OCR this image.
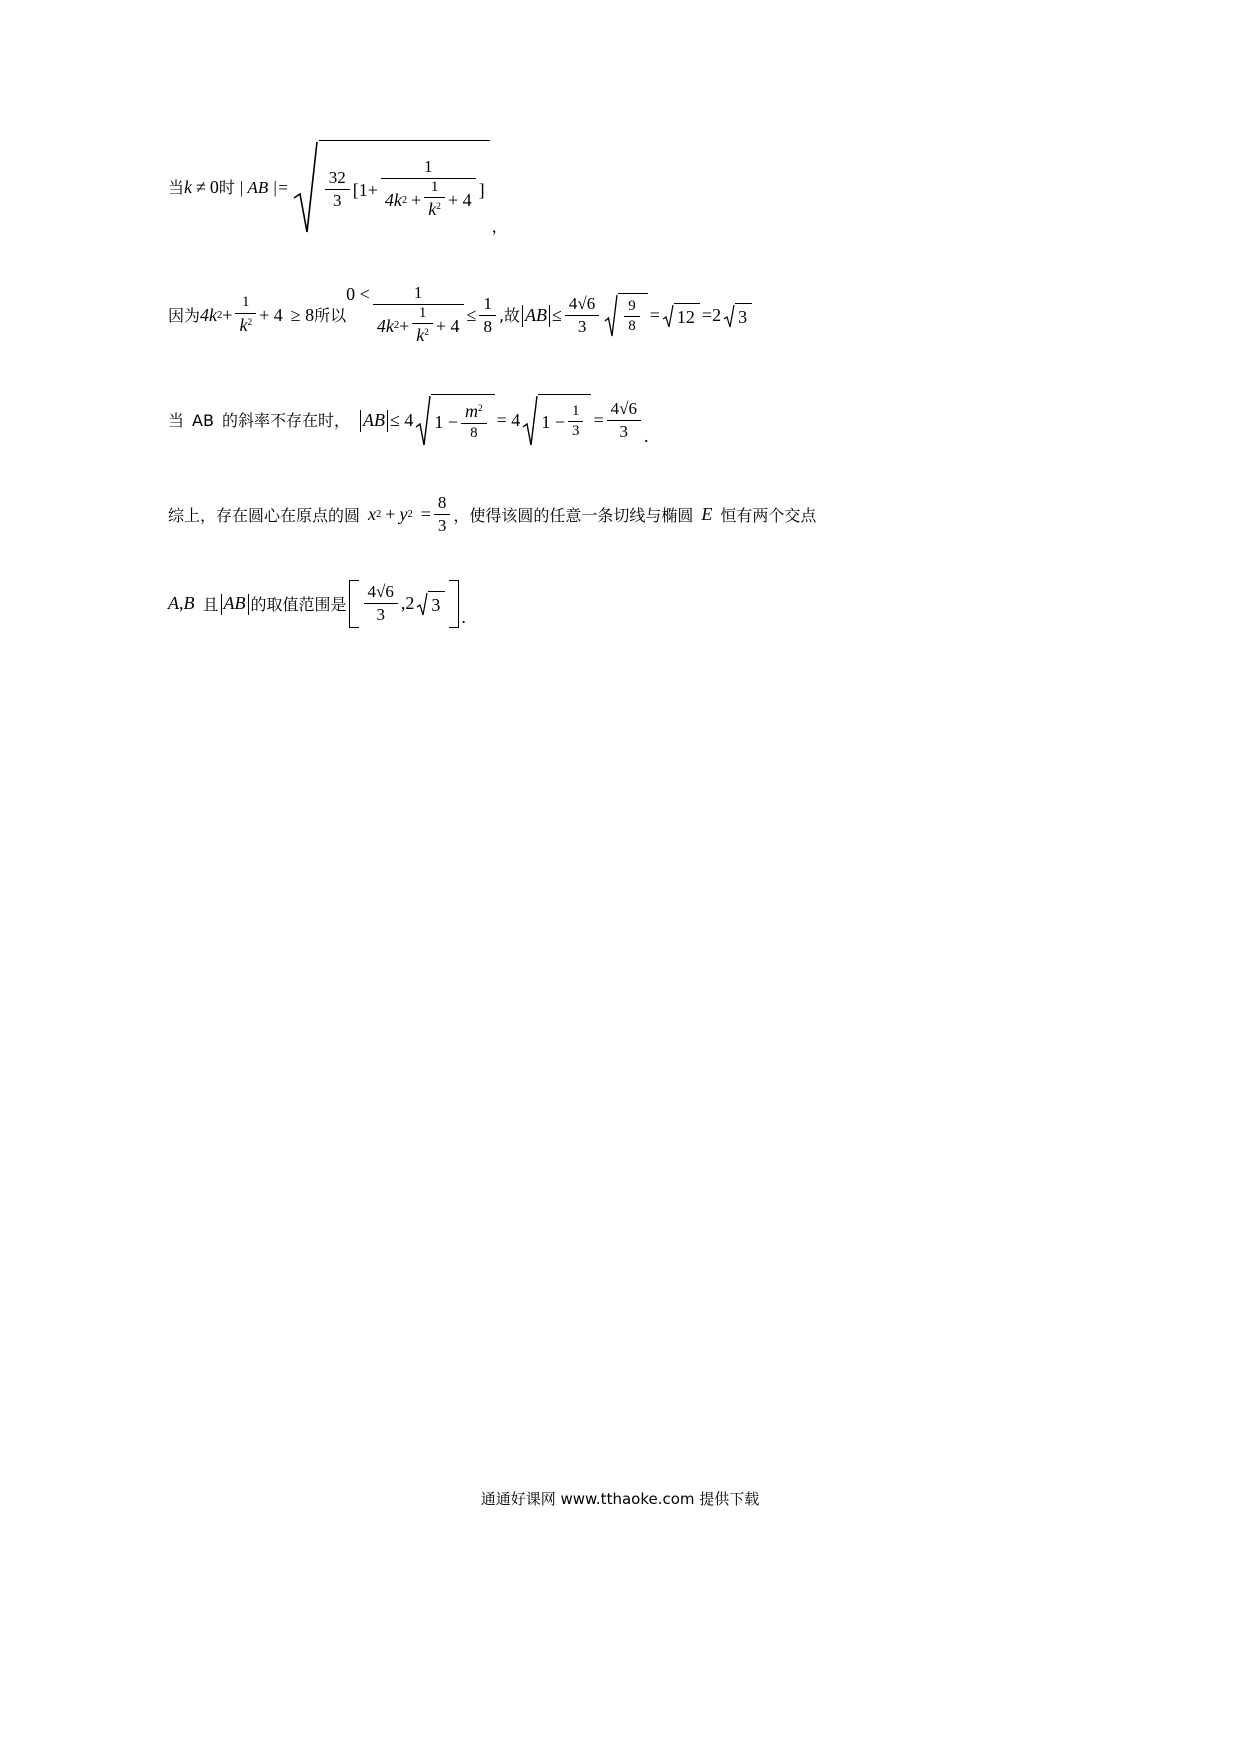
当 k ≠ 0 时 | AB |= $\frac{32}{3} [1+$
1
4k $2 + \frac{1}{k^2} + 4$
]
，
因为 4k $2 + \frac{1}{k^2} + 4 \ge 8$ 所以
0 <	1
4k $2 + \frac{1}{k^2} + 4$
≤ $\frac{1}{8}$ ,故 AB ≤ $\frac{4√6}{3} \frac{9}{8} = 12 = 2$ 3
当 AB 的斜率不存在时， AB ≤ 4 $1 - \frac{m^2}{8} = 4$ $1 - \frac{1}{3} = \frac{4√6}{3}$ .
综上，存在圆心在原点的圆 x 2 + y $2 = \frac{8}{3}$ ，使得该圆的任意一条切线与椭圆 E 恒有两个交点
A , B 且 AB 的取值范围是 $\frac{4√6}{3} ,2$ 3
.
通通好课网 www.tthaoke.com 提供下载
